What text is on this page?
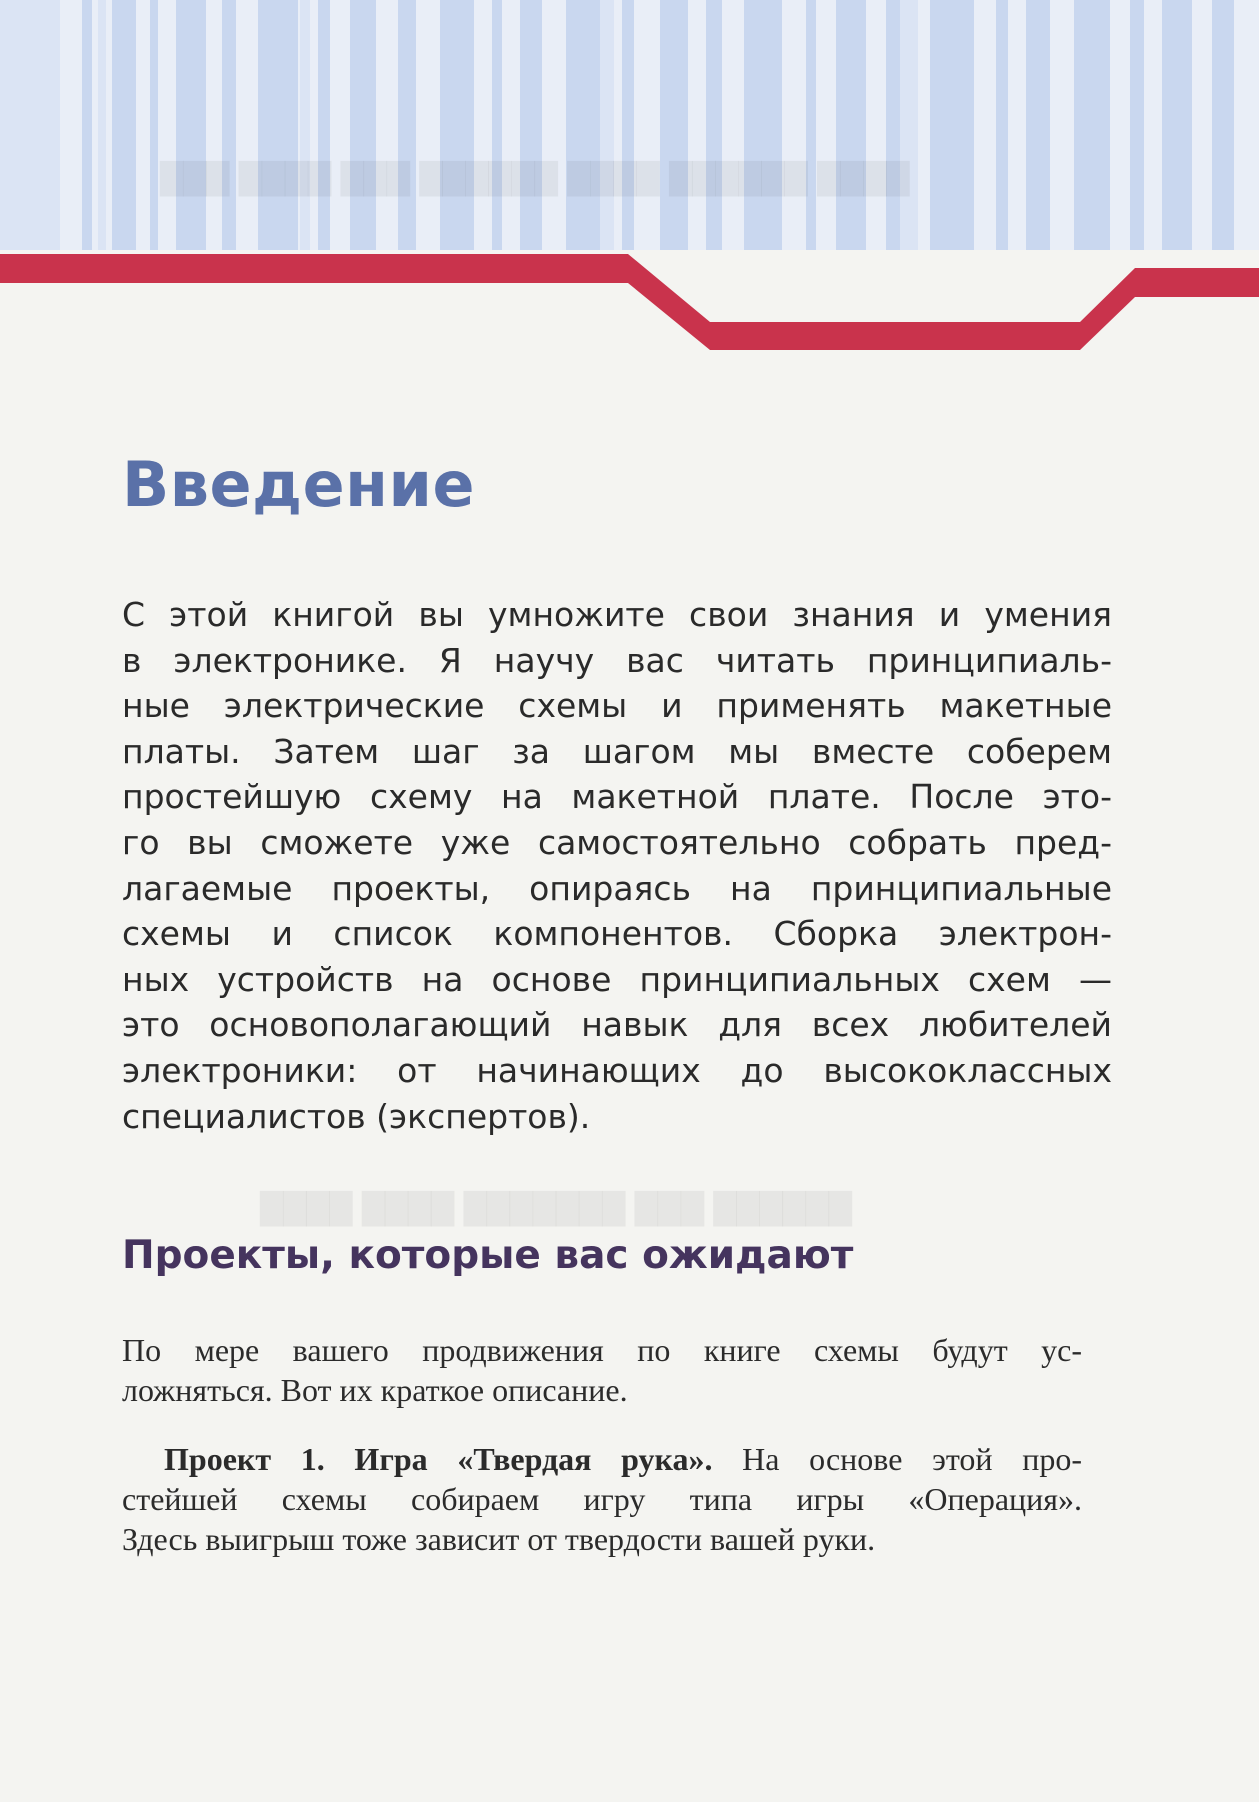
███ ████ ███ ██████ ████ ██████ ████
████ ████ ███████ ███ ██████
Введение

С этой книгой вы умножите свои знания и умения
в электронике. Я научу вас читать принципиаль-
ные электрические схемы и применять макетные
платы. Затем шаг за шагом мы вместе соберем
простейшую схему на макетной плате. После это-
го вы сможете уже самостоятельно собрать пред-
лагаемые проекты, опираясь на принципиальные
схемы и список компонентов. Сборка электрон-
ных устройств на основе принципиальных схем —
это основополагающий навык для всех любителей
электроники: от начинающих до высококлассных
специалистов (экспертов).

Проекты, которые вас ожидают

По мере вашего продвижения по книге схемы будут ус-
ложняться. Вот их краткое описание.

Проект 1. Игра «Твердая рука». На основе этой про-
стейшей схемы собираем игру типа игры «Операция».
Здесь выигрыш тоже зависит от твердости вашей руки.
